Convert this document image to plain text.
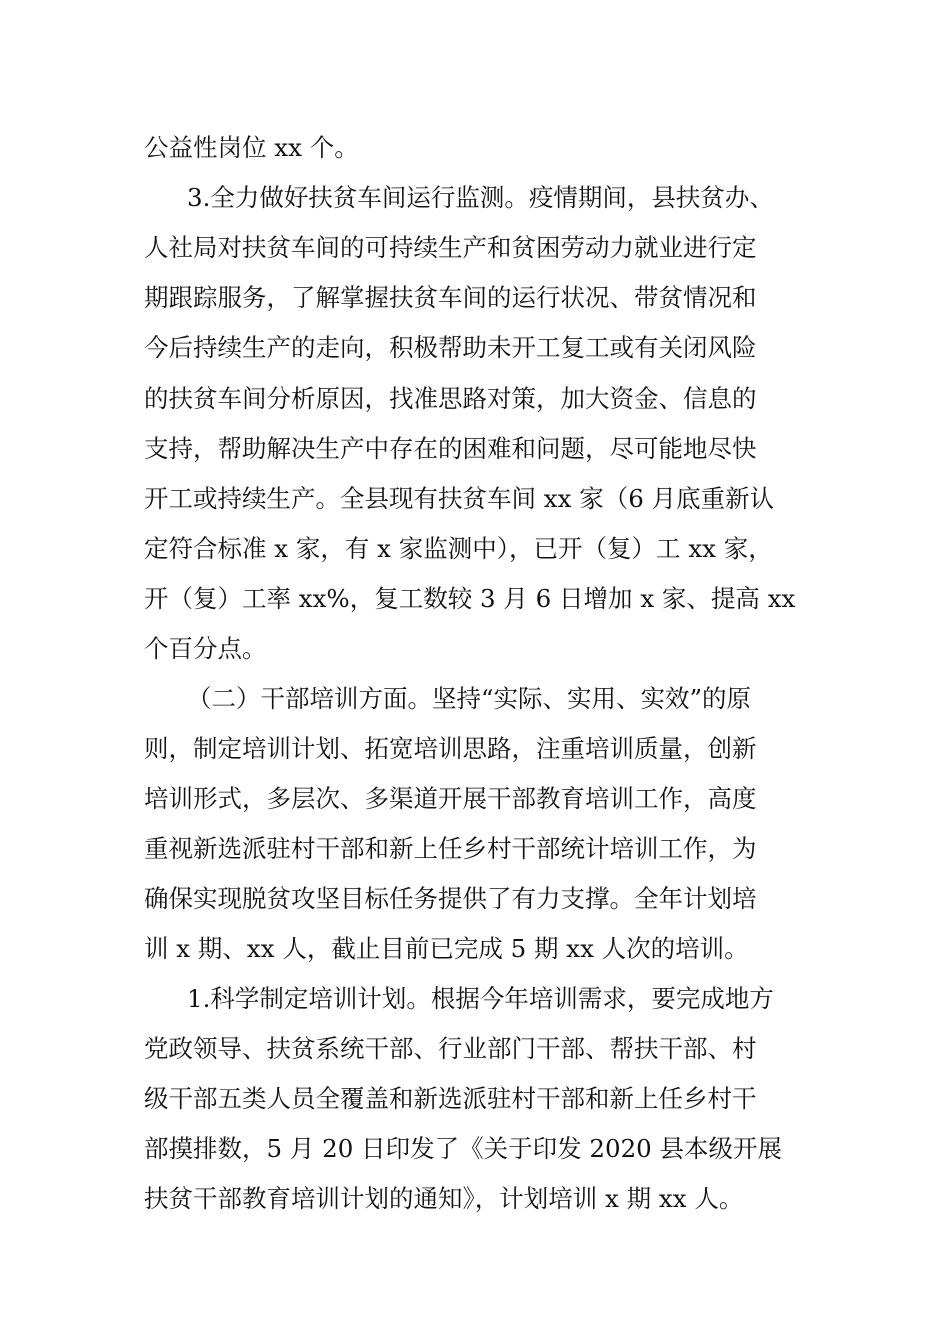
公益性岗位 xx 个。
3.全力做好扶贫车间运行监测。疫情期间，县扶贫办、
人社局对扶贫车间的可持续生产和贫困劳动力就业进行定
期跟踪服务，了解掌握扶贫车间的运行状况、带贫情况和
今后持续生产的走向，积极帮助未开工复工或有关闭风险
的扶贫车间分析原因，找准思路对策，加大资金、信息的
支持，帮助解决生产中存在的困难和问题，尽可能地尽快
开工或持续生产。全县现有扶贫车间 xx 家（6 月底重新认
定符合标准 x 家，有 x 家监测中），已开（复）工 xx 家，
开（复）工率 xx%，复工数较 3 月 6 日增加 x 家、提高 xx
个百分点。
（二）干部培训方面。坚持“实际、实用、实效”的原
则，制定培训计划、拓宽培训思路，注重培训质量，创新
培训形式，多层次、多渠道开展干部教育培训工作，高度
重视新选派驻村干部和新上任乡村干部统计培训工作，为
确保实现脱贫攻坚目标任务提供了有力支撑。全年计划培
训 x 期、xx 人，截止目前已完成 5 期 xx 人次的培训。
1.科学制定培训计划。根据今年培训需求，要完成地方
党政领导、扶贫系统干部、行业部门干部、帮扶干部、村
级干部五类人员全覆盖和新选派驻村干部和新上任乡村干
部摸排数，5 月 20 日印发了《关于印发 2020 县本级开展
扶贫干部教育培训计划的通知》，计划培训 x 期 xx 人。
